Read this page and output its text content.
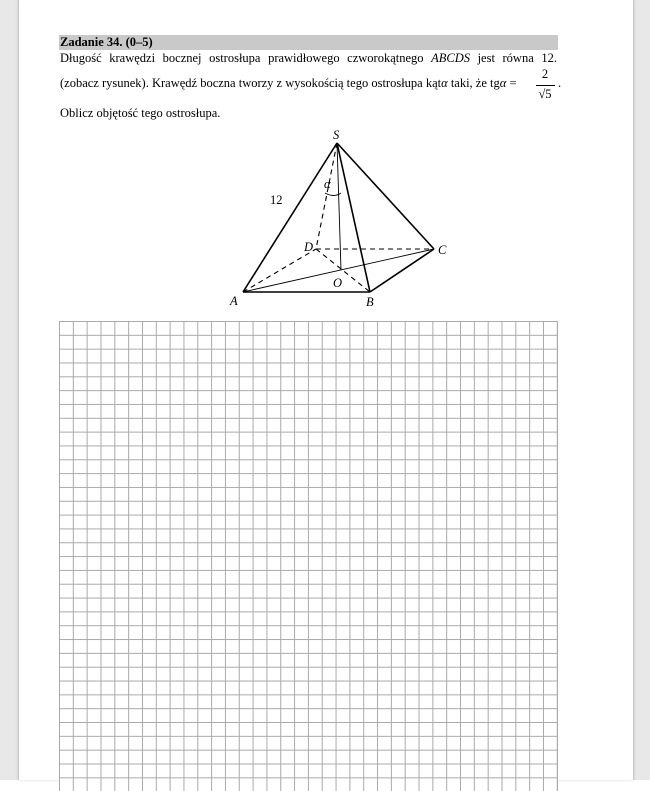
Zadanie 34. (0–5)
Długość krawędzi bocznej ostrosłupa prawidłowego czworokątnego ABCDS jest równa 12.
(zobacz rysunek). Krawędź boczna tworzy z wysokością tego ostrosłupa kątα taki, że tgα =
2
√5
.
Oblicz objętość tego ostrosłupa.
S
A	B
C
D
O
α
12
